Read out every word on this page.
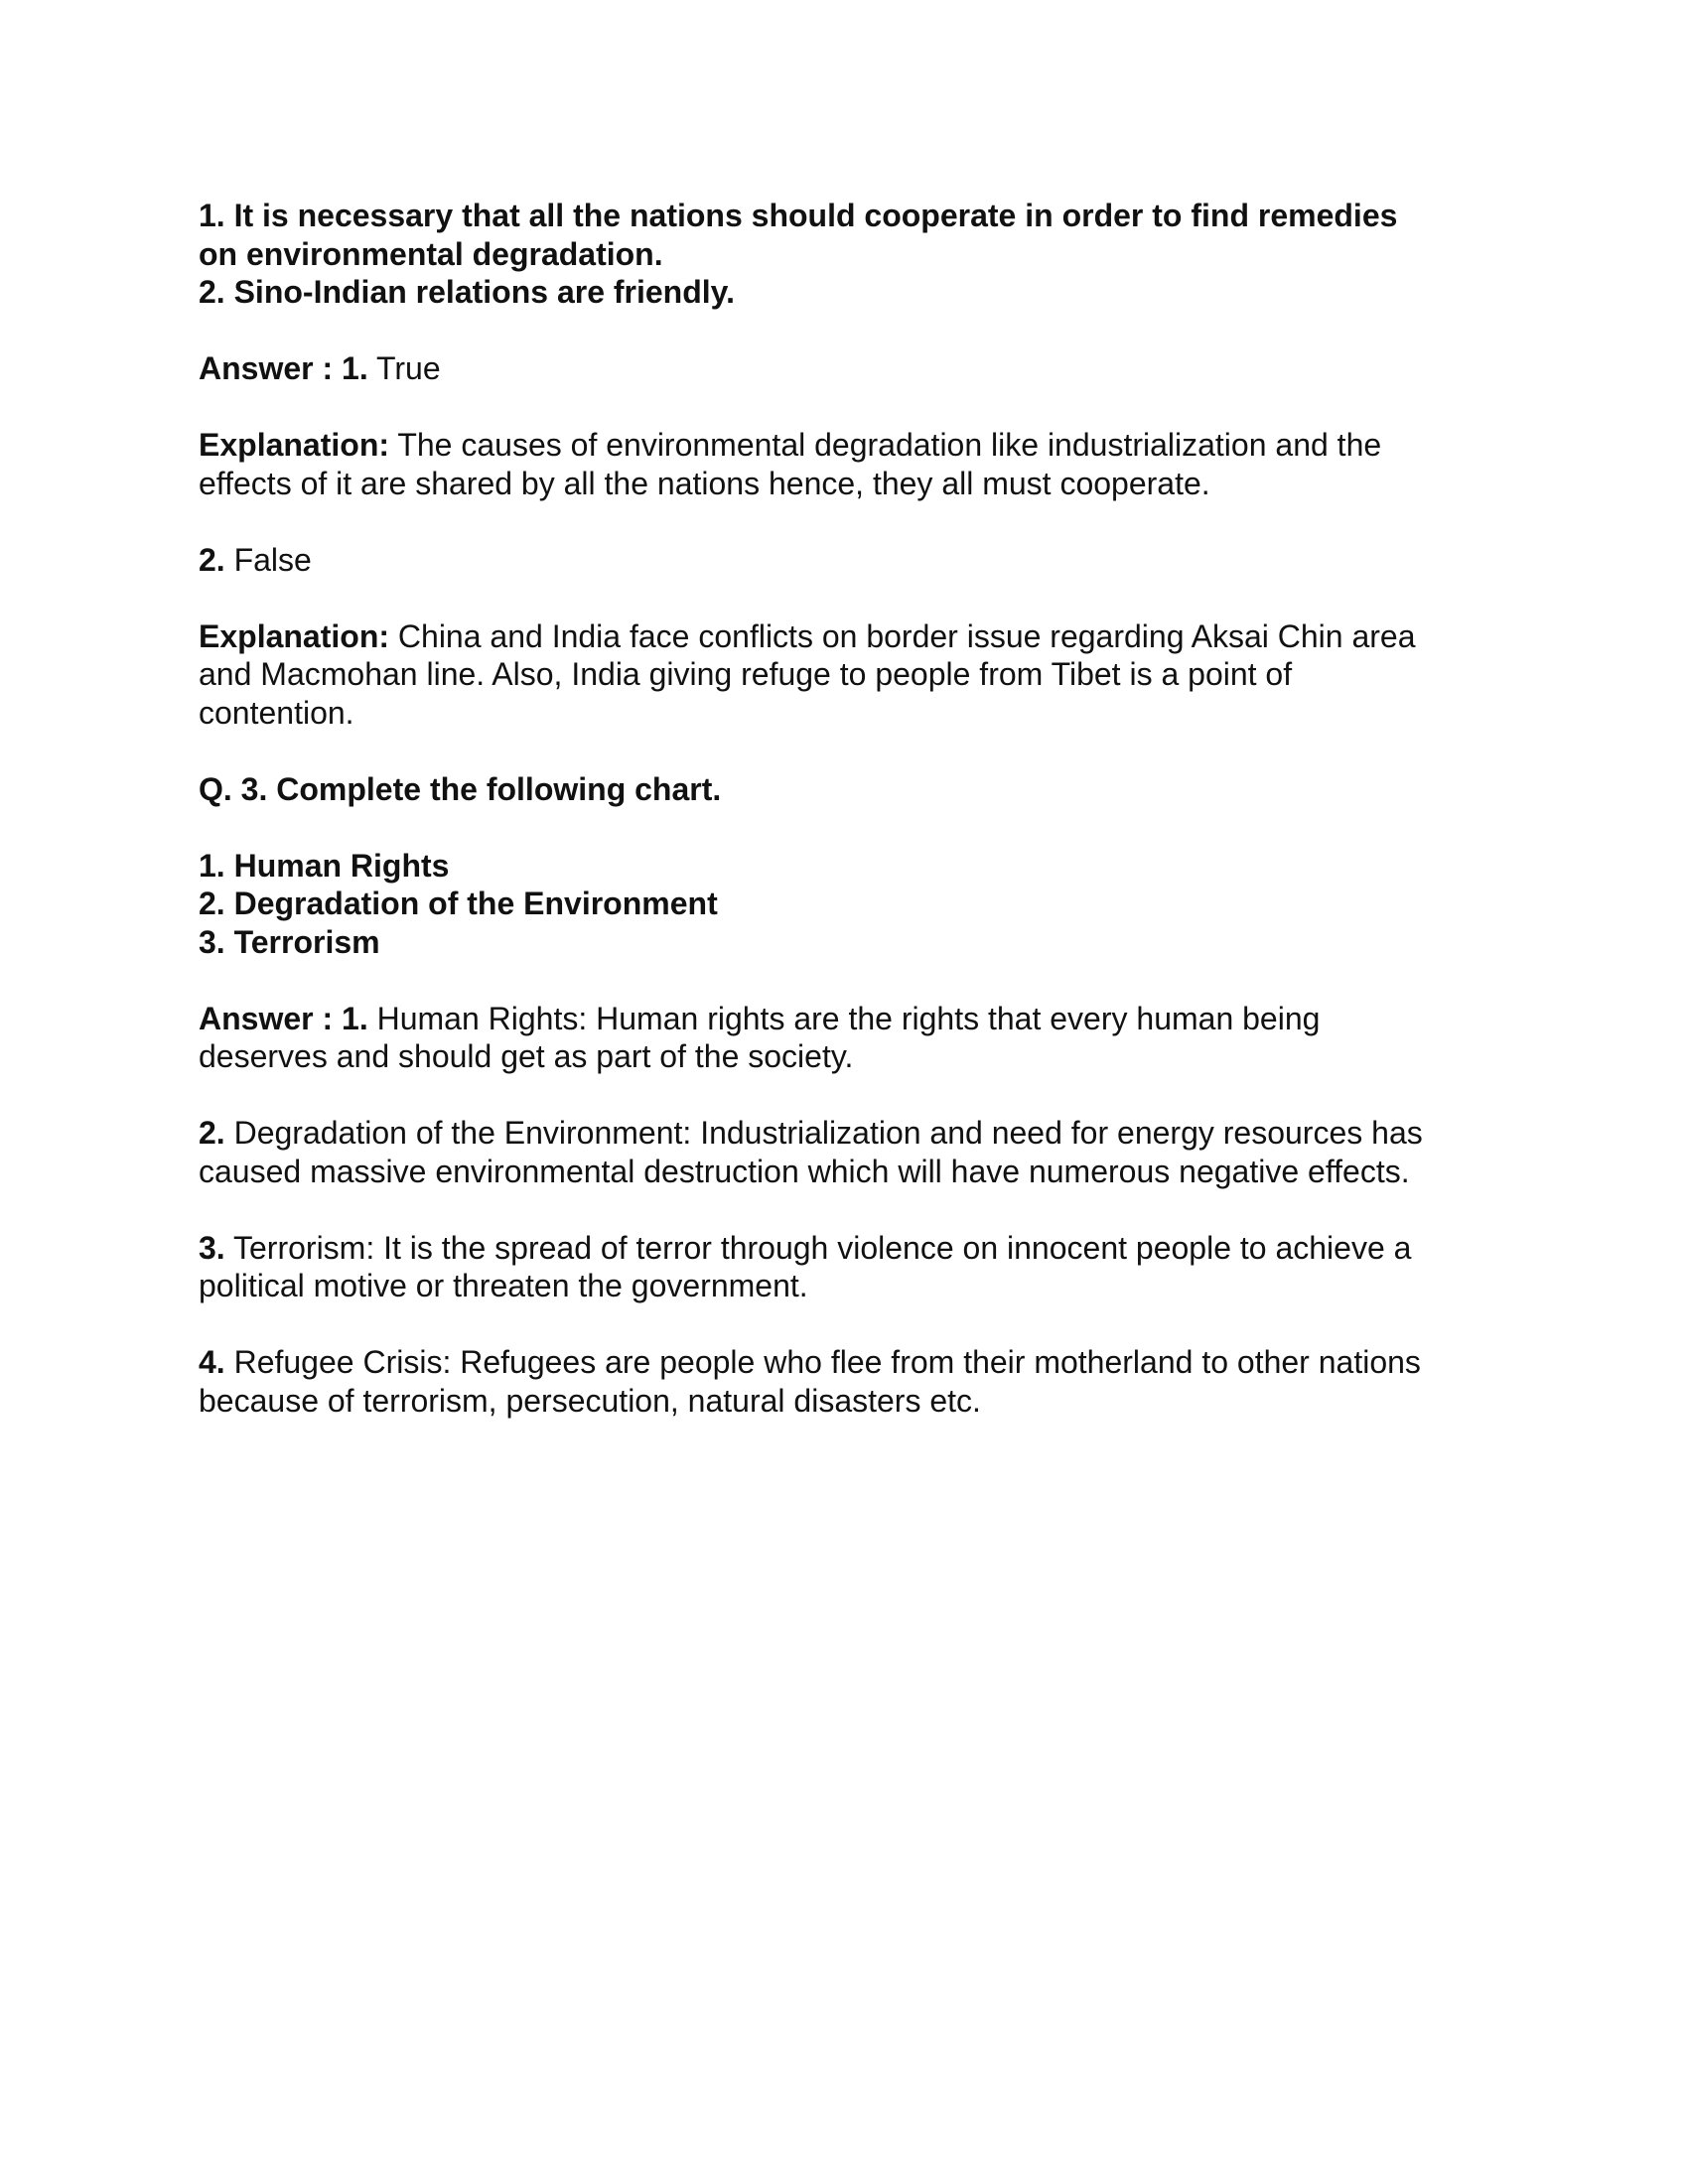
1. It is necessary that all the nations should cooperate in order to find remedies

on environmental degradation.

2. Sino-Indian relations are friendly.

Answer : 1. True

Explanation: The causes of environmental degradation like industrialization and the

effects of it are shared by all the nations hence, they all must cooperate.

2. False

Explanation: China and India face conflicts on border issue regarding Aksai Chin area

and Macmohan line. Also, India giving refuge to people from Tibet is a point of

contention.

Q. 3. Complete the following chart.

1. Human Rights

2. Degradation of the Environment

3. Terrorism

Answer : 1. Human Rights: Human rights are the rights that every human being

deserves and should get as part of the society.

2. Degradation of the Environment: Industrialization and need for energy resources has

caused massive environmental destruction which will have numerous negative effects.

3. Terrorism: It is the spread of terror through violence on innocent people to achieve a

political motive or threaten the government.

4. Refugee Crisis: Refugees are people who flee from their motherland to other nations

because of terrorism, persecution, natural disasters etc.
